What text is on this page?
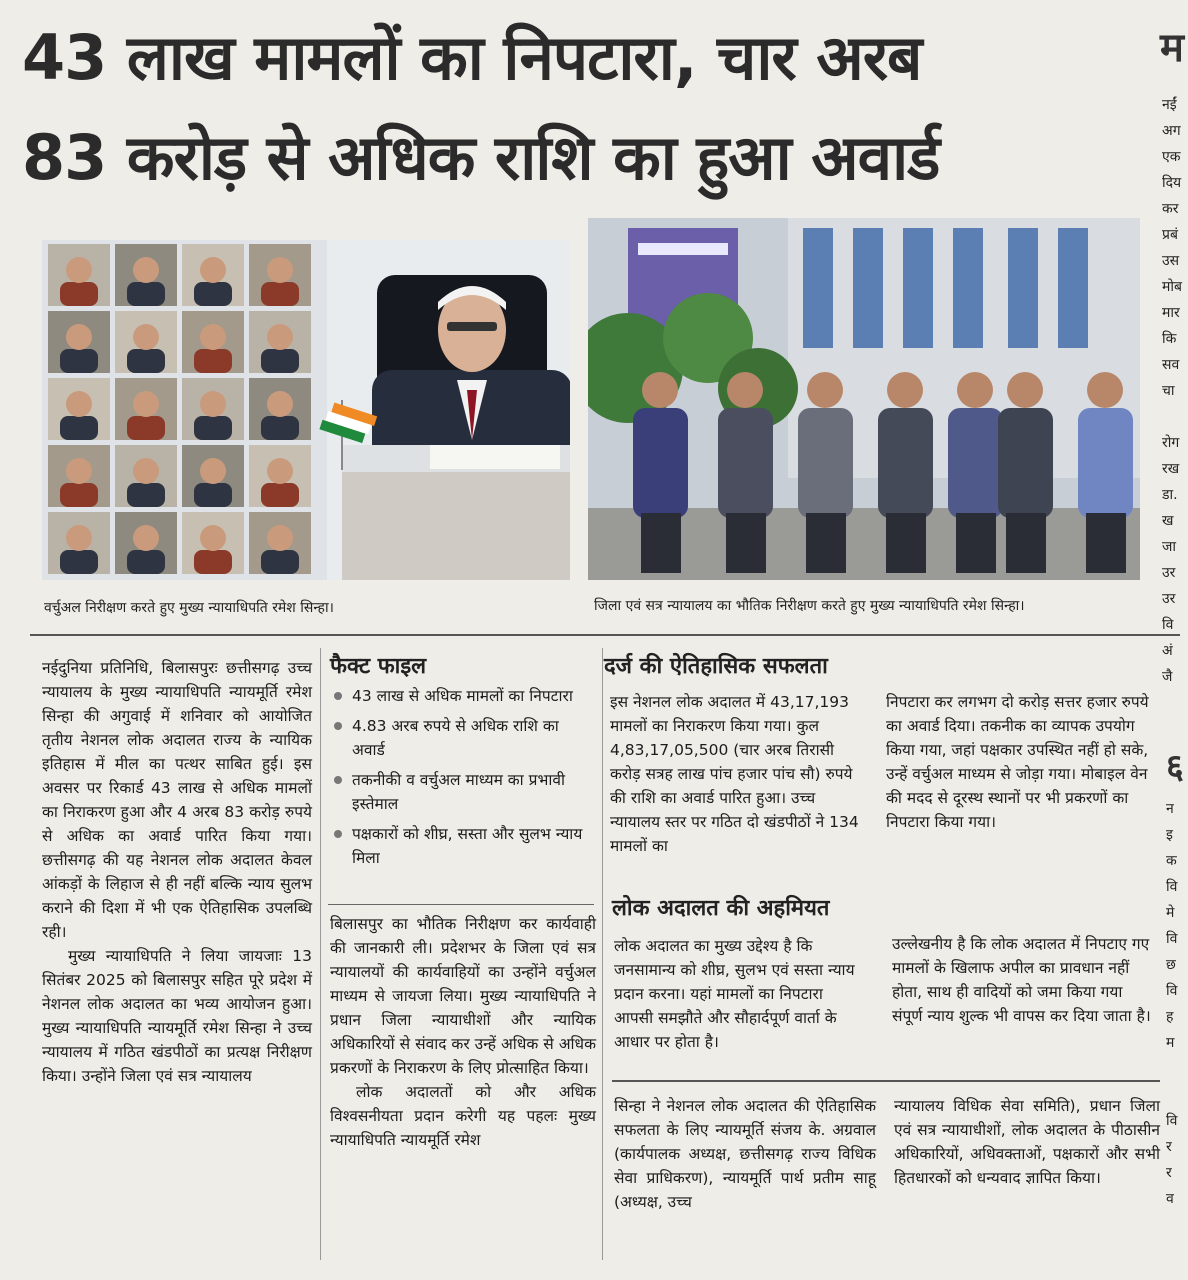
43 लाख मामलों का निपटारा, चार अरब
83 करोड़ से अधिक राशि का हुआ अवार्ड
म
नईं
अग
एक
दिय
कर
प्रबं
उस
मोब
मार
कि
सव
चा

रोग
रख
डा.
ख
जा
उर
उर
वि
अं
जै
वर्चुअल निरीक्षण करते हुए मुख्य न्यायाधिपति रमेश सिन्हा।	जिला एवं सत्र न्यायालय का भौतिक निरीक्षण करते हुए मुख्य न्यायाधिपति रमेश सिन्हा।

नईदुनिया प्रतिनिधि, बिलासपुरः छत्तीसगढ़ उच्च न्यायालय के मुख्य न्यायाधिपति न्यायमूर्ति रमेश सिन्हा की अगुवाई में शनिवार को आयोजित तृतीय नेशनल लोक अदालत राज्य के न्यायिक इतिहास में मील का पत्थर साबित हुई। इस अवसर पर रिकार्ड 43 लाख से अधिक मामलों का निराकरण हुआ और 4 अरब 83 करोड़ रुपये से अधिक का अवार्ड पारित किया गया। छत्तीसगढ़ की यह नेशनल लोक अदालत केवल आंकड़ों के लिहाज से ही नहीं बल्कि न्याय सुलभ कराने की दिशा में भी एक ऐतिहासिक उपलब्धि रही।

मुख्य न्यायाधिपति ने लिया जायजाः 13 सितंबर 2025 को बिलासपुर सहित पूरे प्रदेश में नेशनल लोक अदालत का भव्य आयोजन हुआ। मुख्य न्यायाधिपति न्यायमूर्ति रमेश सिन्हा ने उच्च न्यायालय में गठित खंडपीठों का प्रत्यक्ष निरीक्षण किया। उन्होंने जिला एवं सत्र न्यायालय

फैक्ट फाइल
43 लाख से अधिक मामलों का निपटारा
4.83 अरब रुपये से अधिक राशि का अवार्ड
तकनीकी व वर्चुअल माध्यम का प्रभावी इस्तेमाल
पक्षकारों को शीघ्र, सस्ता और सुलभ न्याय मिला

बिलासपुर का भौतिक निरीक्षण कर कार्यवाही की जानकारी ली। प्रदेशभर के जिला एवं सत्र न्यायालयों की कार्यवाहियों का उन्होंने वर्चुअल माध्यम से जायजा लिया। मुख्य न्यायाधिपति ने प्रधान जिला न्यायाधीशों और न्यायिक अधिकारियों से संवाद कर उन्हें अधिक से अधिक प्रकरणों के निराकरण के लिए प्रोत्साहित किया।

लोक अदालतों को और अधिक विश्वसनीयता प्रदान करेगी यह पहलः मुख्य न्यायाधिपति न्यायमूर्ति रमेश

दर्ज की ऐतिहासिक सफलता
इस नेशनल लोक अदालत में 43,17,193 मामलों का निराकरण किया गया। कुल 4,83,17,05,500 (चार अरब तिरासी करोड़ सत्रह लाख पांच हजार पांच सौ) रुपये की राशि का अवार्ड पारित हुआ। उच्च न्यायालय स्तर पर गठित दो खंडपीठों ने 134 मामलों का
निपटारा कर लगभग दो करोड़ सत्तर हजार रुपये का अवार्ड दिया। तकनीक का व्यापक उपयोग किया गया, जहां पक्षकार उपस्थित नहीं हो सके, उन्हें वर्चुअल माध्यम से जोड़ा गया। मोबाइल वेन की मदद से दूरस्थ स्थानों पर भी प्रकरणों का निपटारा किया गया।
लोक अदालत की अहमियत
लोक अदालत का मुख्य उद्देश्य है कि जनसामान्य को शीघ्र, सुलभ एवं सस्ता न्याय प्रदान करना। यहां मामलों का निपटारा आपसी समझौते और सौहार्दपूर्ण वार्ता के आधार पर होता है।
उल्लेखनीय है कि लोक अदालत में निपटाए गए मामलों के खिलाफ अपील का प्रावधान नहीं होता, साथ ही वादियों को जमा किया गया संपूर्ण न्याय शुल्क भी वापस कर दिया जाता है।
सिन्हा ने नेशनल लोक अदालत की ऐतिहासिक सफलता के लिए न्यायमूर्ति संजय के. अग्रवाल (कार्यपालक अध्यक्ष, छत्तीसगढ़ राज्य विधिक सेवा प्राधिकरण), न्यायमूर्ति पार्थ प्रतीम साहू (अध्यक्ष, उच्च
न्यायालय विधिक सेवा समिति), प्रधान जिला एवं सत्र न्यायाधीशों, लोक अदालत के पीठासीन अधिकारियों, अधिवक्ताओं, पक्षकारों और सभी हितधारकों को धन्यवाद ज्ञापित किया।
६
न
इ
क
वि
मे
वि
छ
वि
ह
म

वि
र
र
व
